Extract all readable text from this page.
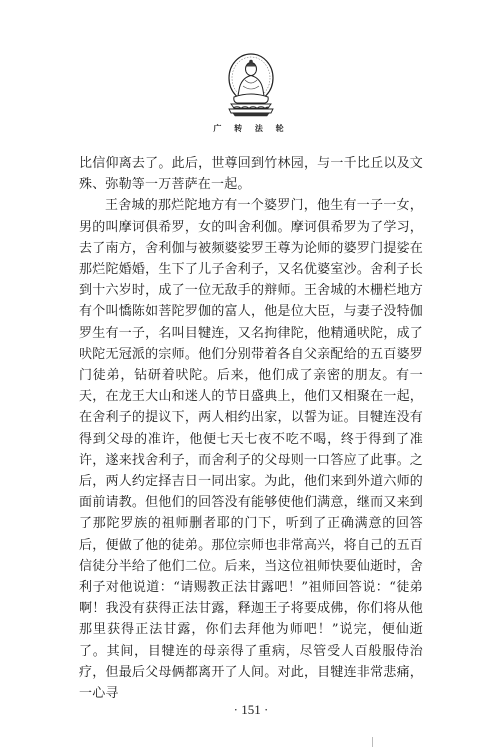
广 转 法 轮

比信仰离去了。此后，世尊回到竹林园，与一千比丘以及文殊、弥勒等一万菩萨在一起。

王舍城的那烂陀地方有一个婆罗门，他生有一子一女，男的叫摩诃俱希罗，女的叫舍利伽。摩诃俱希罗为了学习，去了南方，舍利伽与被频婆娑罗王尊为论师的婆罗门提娑在那烂陀婚婚，生下了儿子舍利子，又名优婆室沙。舍利子长到十六岁时，成了一位无敌手的辩师。王舍城的木栅栏地方有个叫憍陈如菩陀罗伽的富人，他是位大臣，与妻子没特伽罗生有一子，名叫目犍连，又名拘律陀，他精通吠陀，成了吠陀无冠派的宗师。他们分别带着各自父亲配给的五百婆罗门徒弟，钻研着吠陀。后来，他们成了亲密的朋友。有一天，在龙王大山和迷人的节日盛典上，他们又相聚在一起，在舍利子的提议下，两人相约出家，以誓为证。目犍连没有得到父母的准许，他便七天七夜不吃不喝，终于得到了准许，遂来找舍利子，而舍利子的父母则一口答应了此事。之后，两人约定择吉日一同出家。为此，他们来到外道六师的面前请教。但他们的回答没有能够使他们满意，继而又来到了那陀罗族的祖师删者耶的门下，听到了正确满意的回答后，便做了他的徒弟。那位宗师也非常高兴，将自己的五百信徒分半给了他们二位。后来，当这位祖师快要仙逝时，舍利子对他说道：“请赐教正法甘露吧！”祖师回答说：“徒弟啊！我没有获得正法甘露，释迦王子将要成佛，你们将从他那里获得正法甘露，你们去拜他为师吧！”说完，便仙逝了。其间，目犍连的母亲得了重病，尽管受人百般服侍治疗，但最后父母俩都离开了人间。对此，目犍连非常悲痛，一心寻

· 151 ·
